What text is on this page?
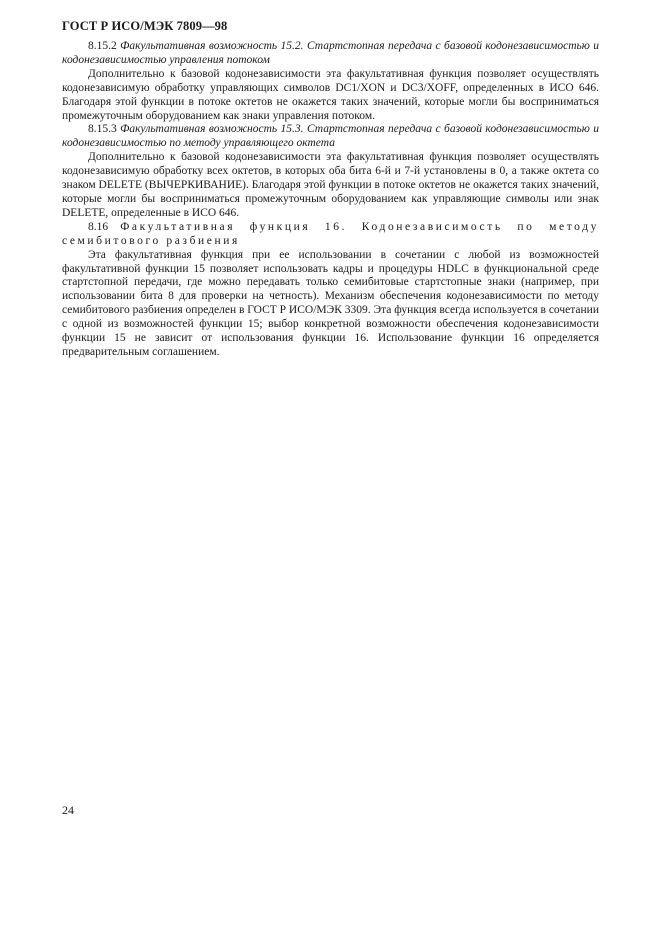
ГОСТ Р ИСО/МЭК 7809—98

8.15.2 Факультативная возможность 15.2. Стартстопная передача с базовой кодонезависимостью и кодонезависимостью управления потоком

Дополнительно к базовой кодонезависимости эта факультативная функция позволяет осуществлять кодонезависимую обработку управляющих символов DC1/XON и DC3/XOFF, определенных в ИСО 646. Благодаря этой функции в потоке октетов не окажется таких значений, которые могли бы восприниматься промежуточным оборудованием как знаки управления потоком.

8.15.3 Факультативная возможность 15.3. Стартстопная передача с базовой кодонезависимостью и кодонезависимостью по методу управляющего октета

Дополнительно к базовой кодонезависимости эта факультативная функция позволяет осуществлять кодонезависимую обработку всех октетов, в которых оба бита 6-й и 7-й установлены в 0, а также октета со знаком DELETE (ВЫЧЕРКИВАНИЕ). Благодаря этой функции в потоке октетов не окажется таких значений, которые могли бы восприниматься промежуточным оборудованием как управляющие символы или знак DELETE, определенные в ИСО 646.

8.16 Факультативная функция 16. Кодонезависимость по методу семибитового разбиения

Эта факультативная функция при ее использовании в сочетании с любой из возможностей факультативной функции 15 позволяет использовать кадры и процедуры HDLC в функциональной среде стартстопной передачи, где можно передавать только семибитовые стартстопные знаки (например, при использовании бита 8 для проверки на четность). Механизм обеспечения кодонезависимости по методу семибитового разбиения определен в ГОСТ Р ИСО/МЭК 3309. Эта функция всегда используется в сочетании с одной из возможностей функции 15; выбор конкретной возможности обеспечения кодонезависимости функции 15 не зависит от использования функции 16. Использование функции 16 определяется предварительным соглашением.

24
